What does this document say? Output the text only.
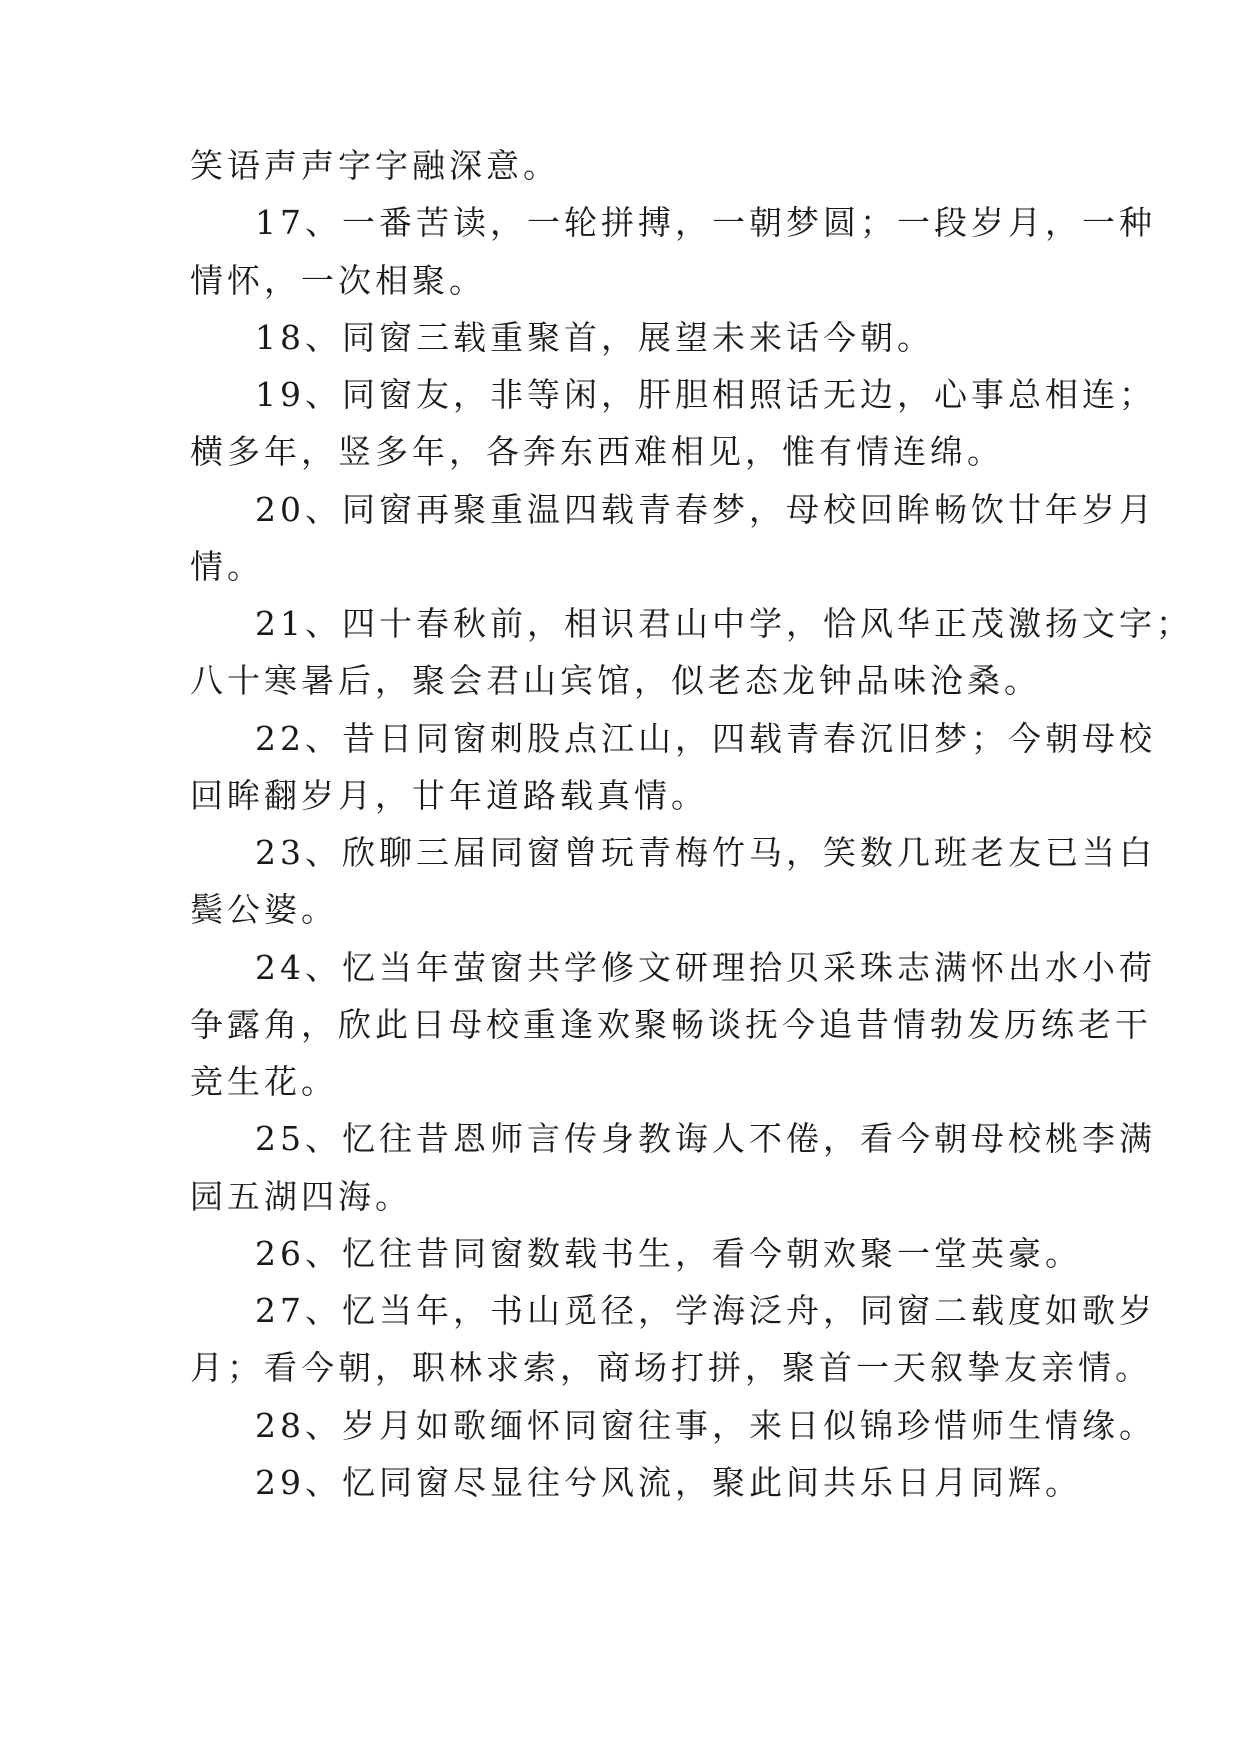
笑语声声字字融深意。
17、一番苦读，一轮拼搏，一朝梦圆；一段岁月，一种
情怀，一次相聚。
18、同窗三载重聚首，展望未来话今朝。
19、同窗友，非等闲，肝胆相照话无边，心事总相连；
横多年，竖多年，各奔东西难相见，惟有情连绵。
20、同窗再聚重温四载青春梦，母校回眸畅饮廿年岁月
情。
21、四十春秋前，相识君山中学，恰风华正茂激扬文字；
八十寒暑后，聚会君山宾馆，似老态龙钟品味沧桑。
22、昔日同窗刺股点江山，四载青春沉旧梦；今朝母校
回眸翻岁月，廿年道路载真情。
23、欣聊三届同窗曾玩青梅竹马，笑数几班老友已当白
鬓公婆。
24、忆当年萤窗共学修文研理拾贝采珠志满怀出水小荷
争露角，欣此日母校重逢欢聚畅谈抚今追昔情勃发历练老干
竞生花。
25、忆往昔恩师言传身教诲人不倦，看今朝母校桃李满
园五湖四海。
26、忆往昔同窗数载书生，看今朝欢聚一堂英豪。
27、忆当年，书山觅径，学海泛舟，同窗二载度如歌岁
月；看今朝，职林求索，商场打拼，聚首一天叙挚友亲情。
28、岁月如歌缅怀同窗往事，来日似锦珍惜师生情缘。
29、忆同窗尽显往兮风流，聚此间共乐日月同辉。
